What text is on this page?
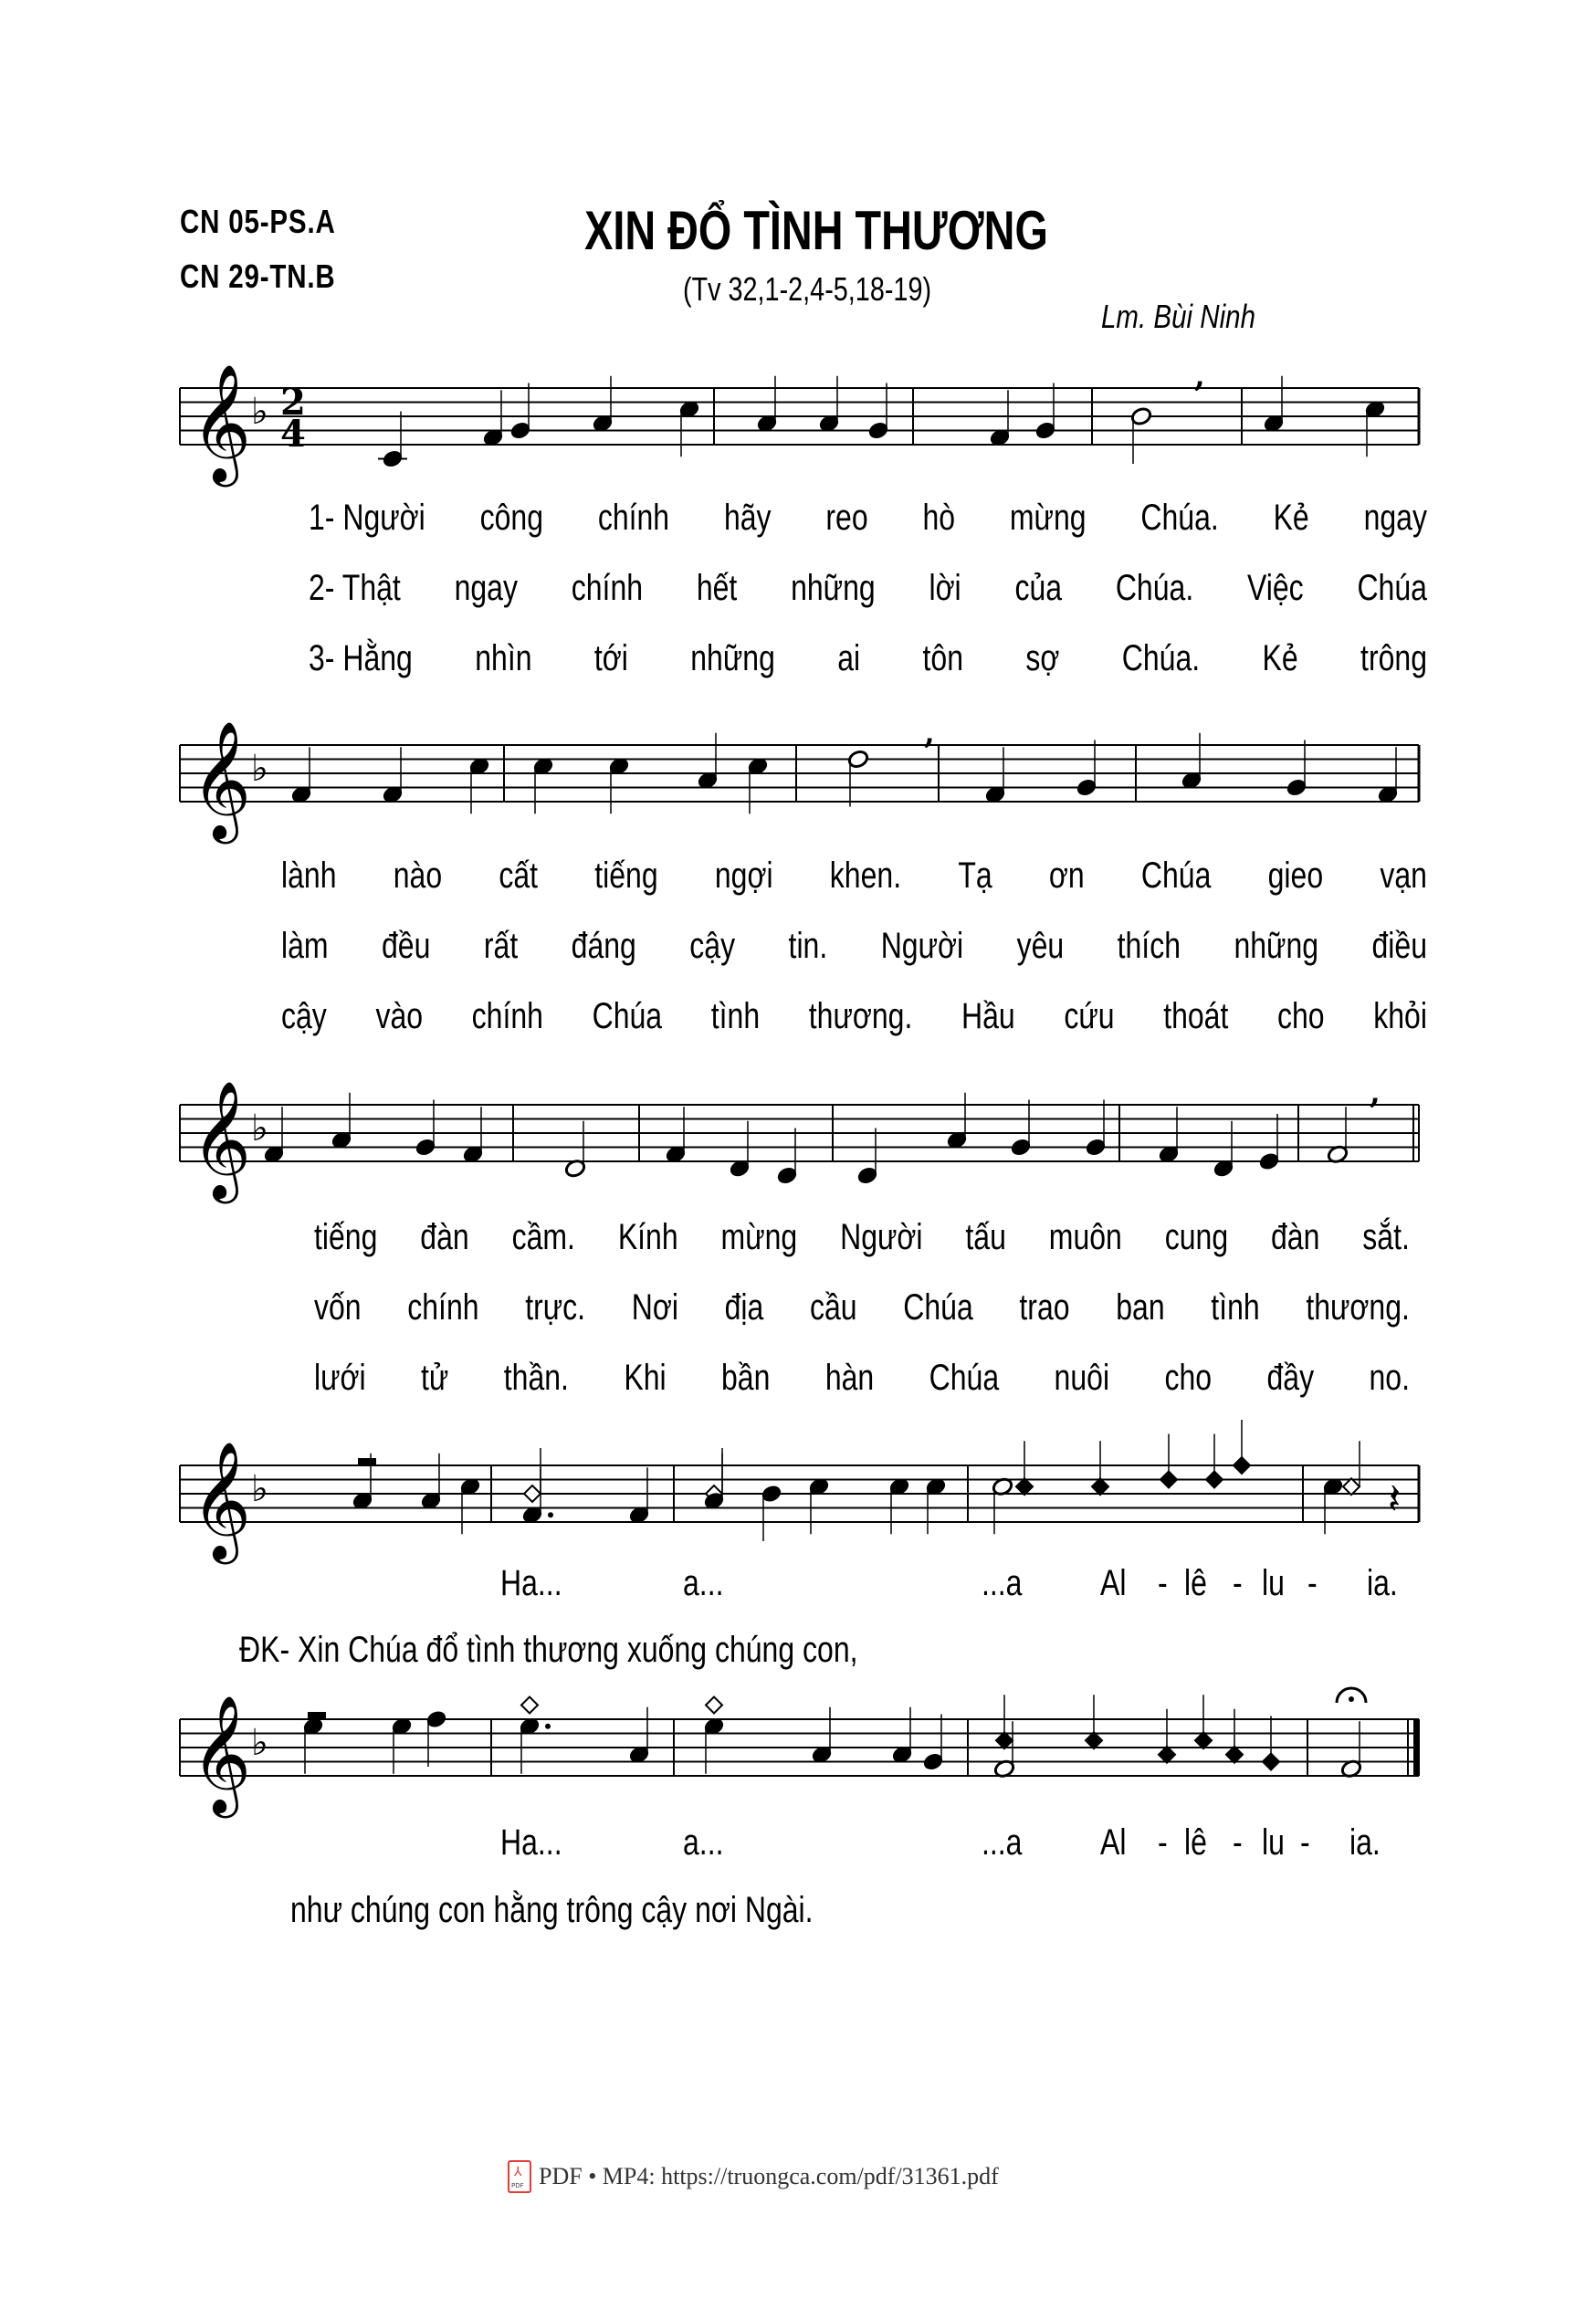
CN 05-PS.A
CN 29-TN.B
XIN ĐỔ TÌNH THƯƠNG
(Tv 32,1-2,4-5,18-19)
Lm. Bùi Ninh
𝄞 ♭ 2
4
,
𝄞 ♭
,
𝄞 ♭
,
𝄞 ♭	𝄽
𝄞 ♭
1- Người công chính hãy reo hò mừng Chúa. Kẻ ngay
2- Thật ngay chính hết những lời của Chúa. Việc Chúa
3- Hằng nhìn tới những ai tôn sợ Chúa. Kẻ trông
lành nào cất tiếng ngợi khen. Tạ ơn Chúa gieo vạn
làm đều rất đáng cậy tin. Người yêu thích những điều
cậy vào chính Chúa tình thương. Hầu cứu thoát cho khỏi
tiếng đàn cầm. Kính mừng Người tấu muôn cung đàn sắt.
vốn chính trực. Nơi địa cầu Chúa trao ban tình thương.
lưới tử thần. Khi bần hàn Chúa nuôi cho đầy no.
Ha...	a...	...a Al - lê - lu - ia.
ĐK- Xin Chúa đổ tình thương xuống chúng con,
Ha...	a...	...a Al - lê - lu - ia.
như chúng con hằng trông cậy nơi Ngài.
⅄
PDF PDF • MP4: https://truongca.com/pdf/31361.pdf
